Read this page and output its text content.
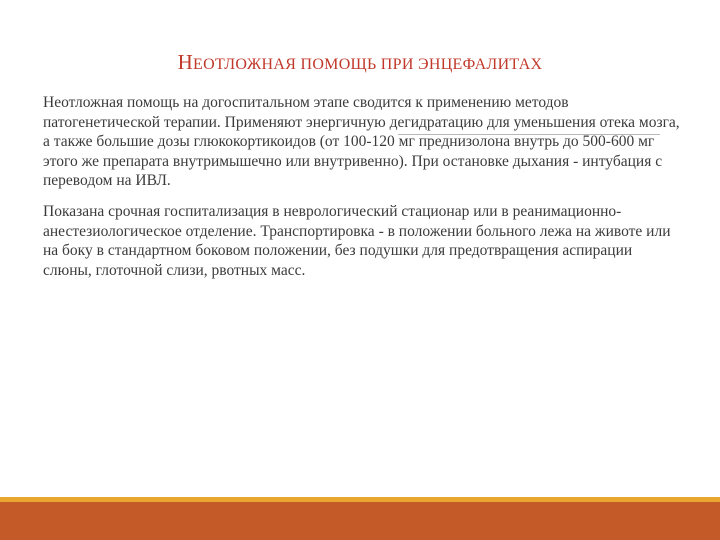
НЕОТЛОЖНАЯ ПОМОЩЬ ПРИ ЭНЦЕФАЛИТАХ

Неотложная помощь на догоспитальном этапе сводится к применению методов патогенетической терапии. Применяют энергичную дегидратацию для уменьшения отека мозга, а также большие дозы глюкокортикоидов (от 100-120 мг преднизолона внутрь до 500-600 мг этого же препарата внутримышечно или внутривенно). При остановке дыхания - интубация с переводом на ИВЛ.

Показана срочная госпитализация в неврологический стационар или в реанимационно-анестезиологическое отделение. Транспортировка - в положении больного лежа на животе или на боку в стандартном боковом положении, без подушки для предотвращения аспирации слюны, глоточной слизи, рвотных масс.
